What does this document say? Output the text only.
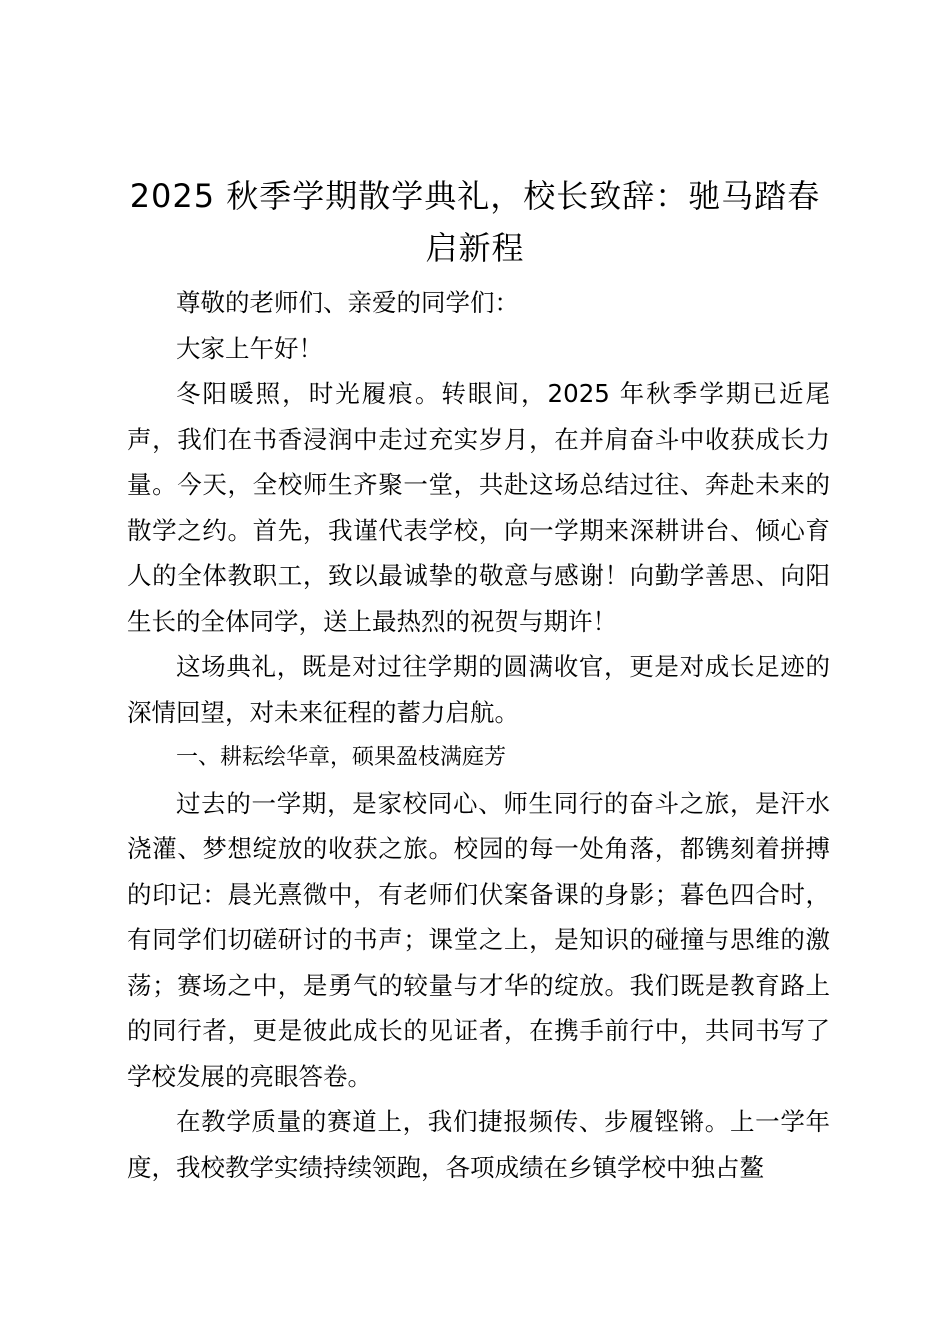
2025 秋季学期散学典礼，校长致辞：驰马踏春启新程

尊敬的老师们、亲爱的同学们：

大家上午好！

冬阳暖照，时光履痕。转眼间，2025 年秋季学期已近尾声，我们在书香浸润中走过充实岁月，在并肩奋斗中收获成长力量。今天，全校师生齐聚一堂，共赴这场总结过往、奔赴未来的散学之约。首先，我谨代表学校，向一学期来深耕讲台、倾心育人的全体教职工，致以最诚挚的敬意与感谢！向勤学善思、向阳生长的全体同学，送上最热烈的祝贺与期许！

这场典礼，既是对过往学期的圆满收官，更是对成长足迹的深情回望，对未来征程的蓄力启航。

一、耕耘绘华章，硕果盈枝满庭芳

过去的一学期，是家校同心、师生同行的奋斗之旅，是汗水浇灌、梦想绽放的收获之旅。校园的每一处角落，都镌刻着拼搏的印记：晨光熹微中，有老师们伏案备课的身影；暮色四合时，有同学们切磋研讨的书声；课堂之上，是知识的碰撞与思维的激荡；赛场之中，是勇气的较量与才华的绽放。我们既是教育路上的同行者，更是彼此成长的见证者，在携手前行中，共同书写了学校发展的亮眼答卷。

在教学质量的赛道上，我们捷报频传、步履铿锵。上一学年度，我校教学实绩持续领跑，各项成绩在乡镇学校中独占鳌
